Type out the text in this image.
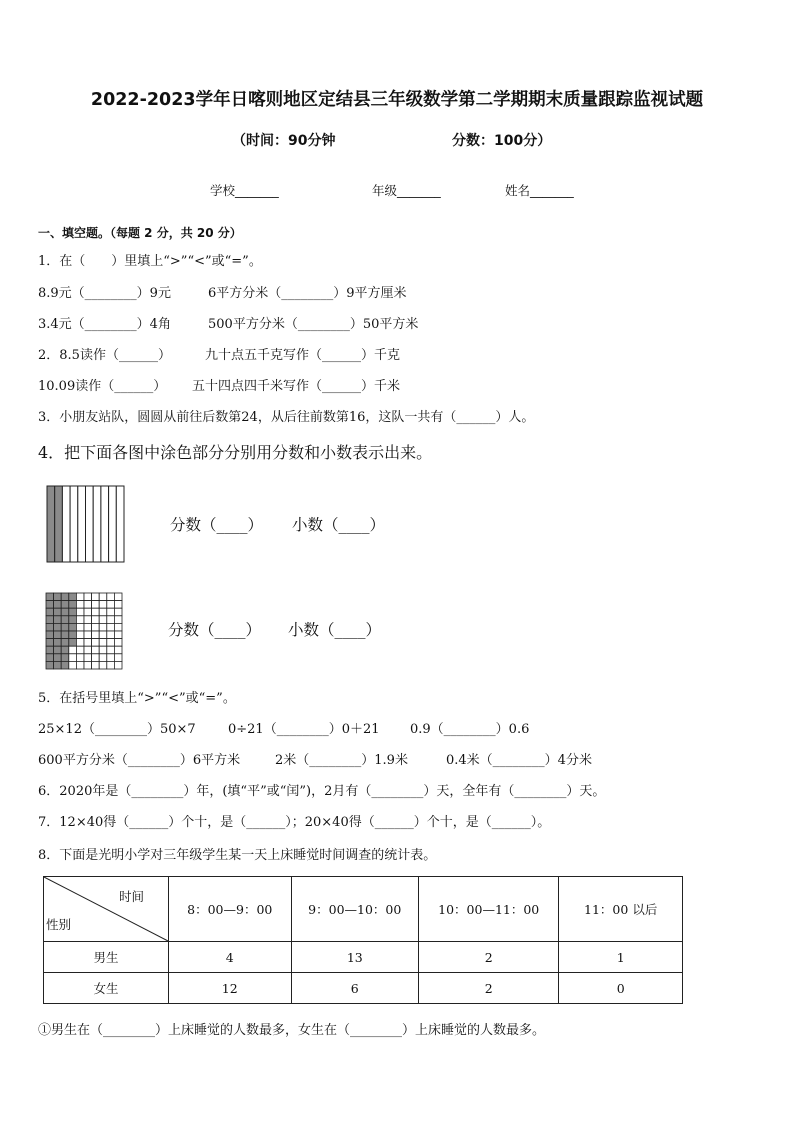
2022-2023学年日喀则地区定结县三年级数学第二学期期末质量跟踪监视试题
（时间：90分钟	分数：100分）
学校_______	年级_______	姓名_______
一、填空题。（每题 2 分，共 20 分）
1．在（　　）里填上“>”“<”或“=”。
8.9元（________）9元	6平方分米（________）9平方厘米
3.4元（________）4角	500平方分米（________）50平方米
2．8.5读作（______）	九十点五千克写作（______）千克
10.09读作（______） 五十四点四千米写作（______）千米
3．小朋友站队，圆圆从前往后数第24，从后往前数第16，这队一共有（______）人。
4．把下面各图中涂色部分分别用分数和小数表示出来。
分数（____） 小数（____）
分数（____） 小数（____）
5．在括号里填上“>”“<”或“=”。
25×12（________）50×7 0÷21（________）0＋21 0.9（________）0.6
600平方分米（________）6平方米	2米（________）1.9米	0.4米（________）4分米
6．2020年是（________）年，(填“平”或“闰”)，2月有（________）天，全年有（________）天。
7．12×40得（______）个十，是（______）；20×40得（______）个十，是（______）。
8．下面是光明小学对三年级学生某一天上床睡觉时间调查的统计表。
时间
性别	8：00—9：00	9：00—10：00	10：00—11：00	11：00 以后
男生	4	13	2	1
女生	12	6	2	0
①男生在（________）上床睡觉的人数最多，女生在（________）上床睡觉的人数最多。
